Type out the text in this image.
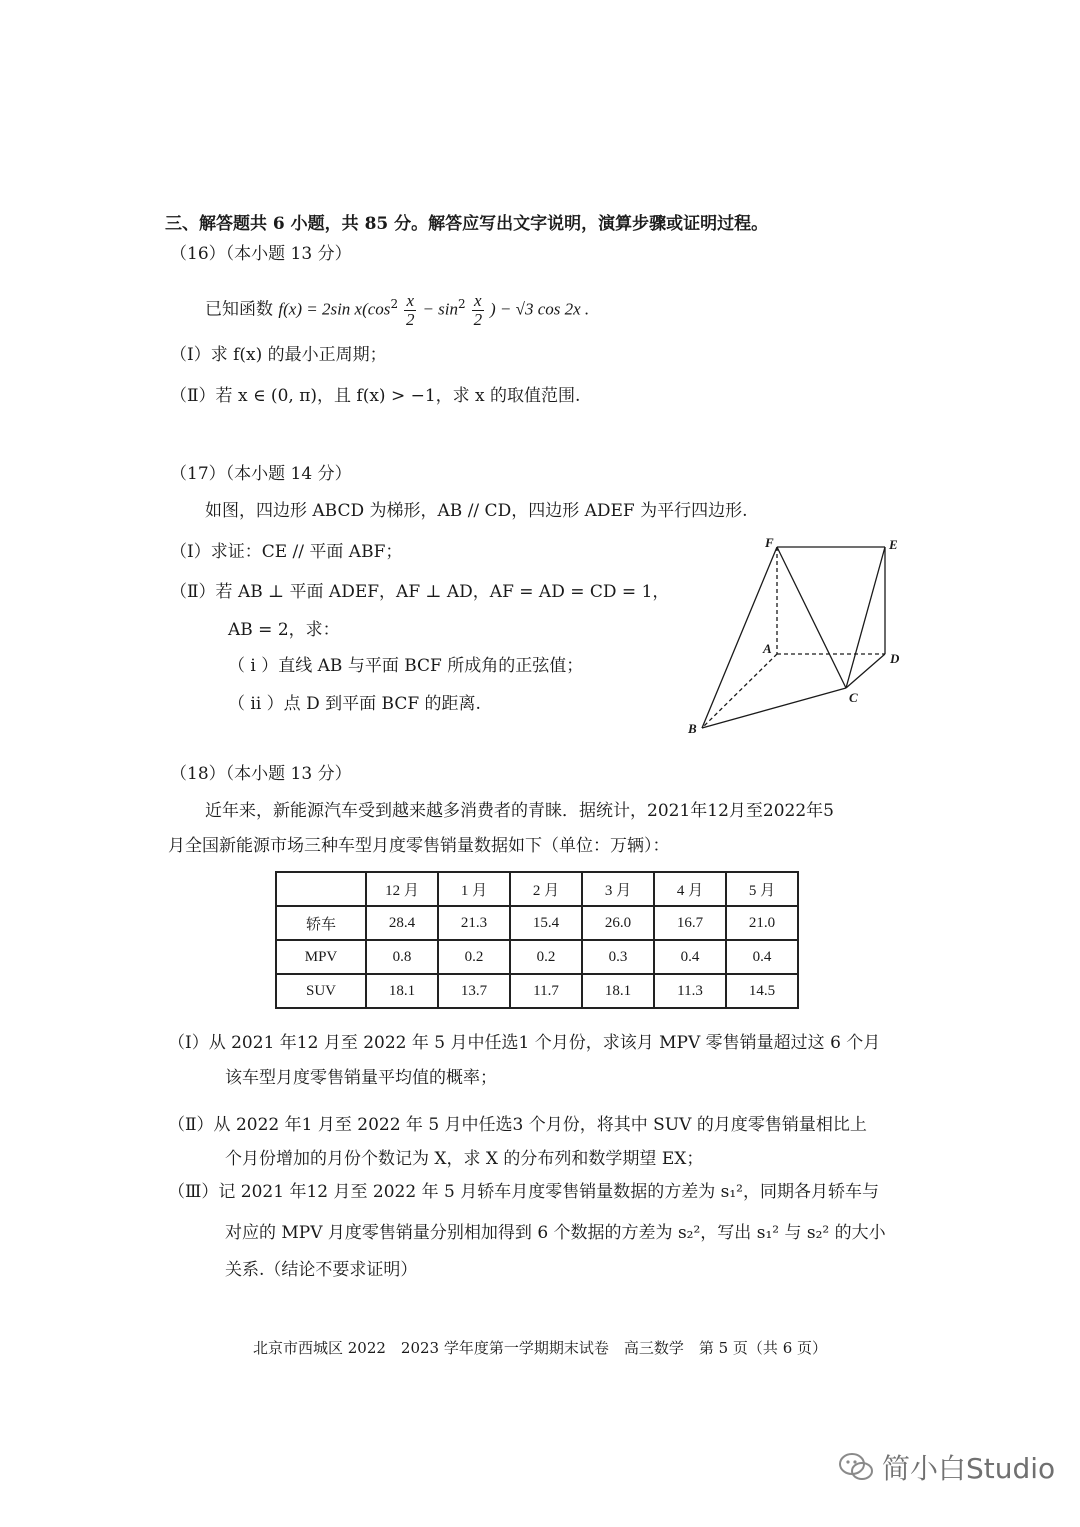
三、解答题共 6 小题，共 85 分。解答应写出文字说明，演算步骤或证明过程。
（16）（本小题 13 分）
已知函数 f(x) = 2sin $x(\cos^2 \frac{x}{2} - \sin^2 \frac{x}{2}$ ) − √3 cos 2x .
（Ⅰ）求 f(x) 的最小正周期；
（Ⅱ）若 x ∈ (0, π)，且 f(x) > −1，求 x 的取值范围.
（17）（本小题 14 分）
如图，四边形 ABCD 为梯形，AB // CD，四边形 ADEF 为平行四边形.
（Ⅰ）求证：CE // 平面 ABF；
（Ⅱ）若 AB ⊥ 平面 ADEF，AF ⊥ AD，AF = AD = CD = 1，
AB = 2，求：
（ i ）直线 AB 与平面 BCF 所成角的正弦值；
（ ii ）点 D 到平面 BCF 的距离.
F	E
A
D
C
B
（18）（本小题 13 分）
近年来，新能源汽车受到越来越多消费者的青睐．据统计，2021年12月至2022年5
月全国新能源市场三种车型月度零售销量数据如下（单位：万辆）：
	12 月	1 月	2 月	3 月	4 月	5 月
轿车	28.4	21.3	15.4	26.0	16.7	21.0
MPV	0.8	0.2	0.2	0.3	0.4	0.4
SUV	18.1	13.7	11.7	18.1	11.3	14.5
（Ⅰ）从 2021 年12 月至 2022 年 5 月中任选1 个月份，求该月 MPV 零售销量超过这 6 个月
该车型月度零售销量平均值的概率；
（Ⅱ）从 2022 年1 月至 2022 年 5 月中任选3 个月份，将其中 SUV 的月度零售销量相比上
个月份增加的月份个数记为 X，求 X 的分布列和数学期望 EX；
（Ⅲ）记 2021 年12 月至 2022 年 5 月轿车月度零售销量数据的方差为 s₁²，同期各月轿车与
对应的 MPV 月度零售销量分别相加得到 6 个数据的方差为 s₂²，写出 s₁² 与 s₂² 的大小
关系.（结论不要求证明）
北京市西城区 2022　2023 学年度第一学期期末试卷　高三数学　第 5 页（共 6 页）
简小白Studio
